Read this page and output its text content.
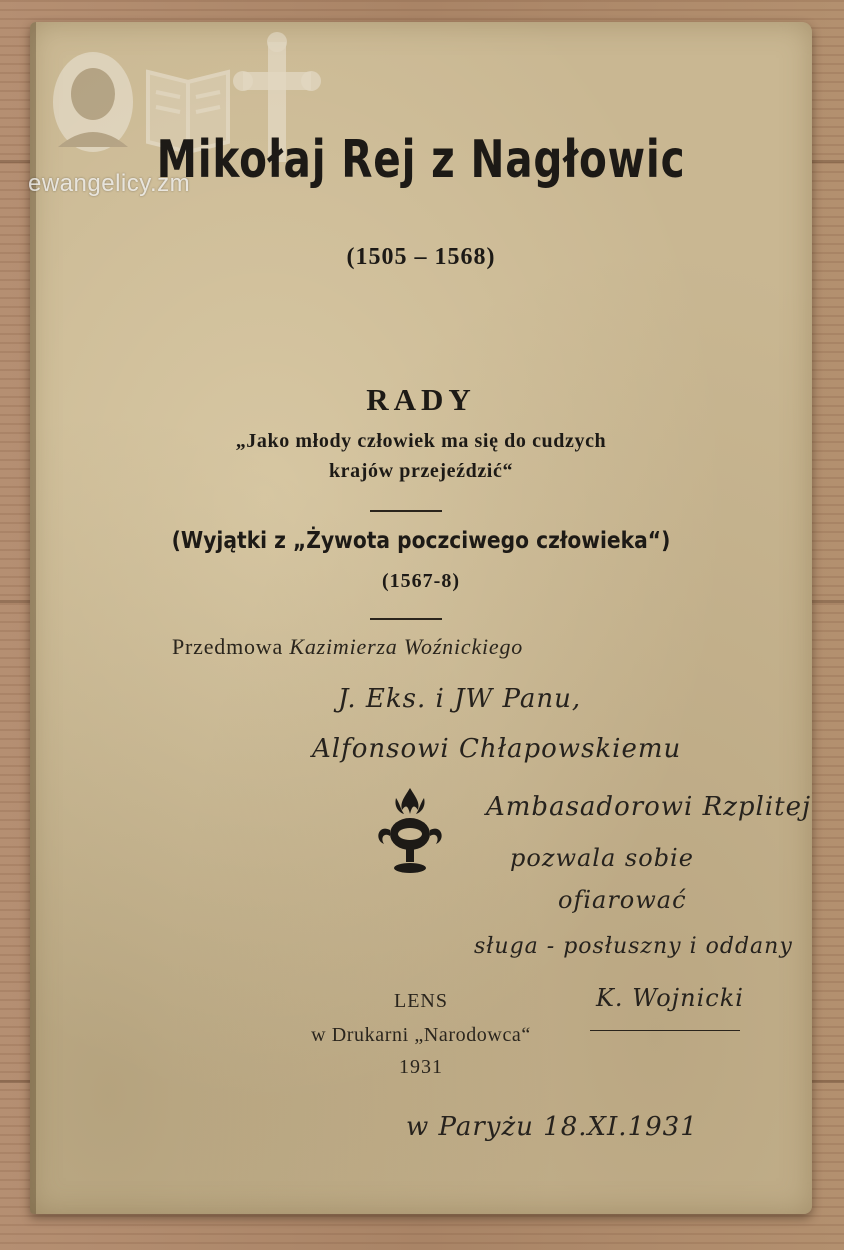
ewangelicy.zm
Mikołaj Rej z Nagłowic
(1505 – 1568)
RADY
„Jako młody człowiek ma się do cudzych
krajów przejeździć“
(Wyjątki z „Żywota poczciwego człowieka“)
(1567-8)
Przedmowa Kazimierza Woźnickiego
J. Eks. i JW Panu,
Alfonsowi Chłapowskiemu
Ambasadorowi Rzplitej
pozwala sobie
ofiarować
sługa - posłuszny i oddany
K. Wojnicki
LENS
w Drukarni „Narodowca“
1931
w Paryżu 18.XI.1931
